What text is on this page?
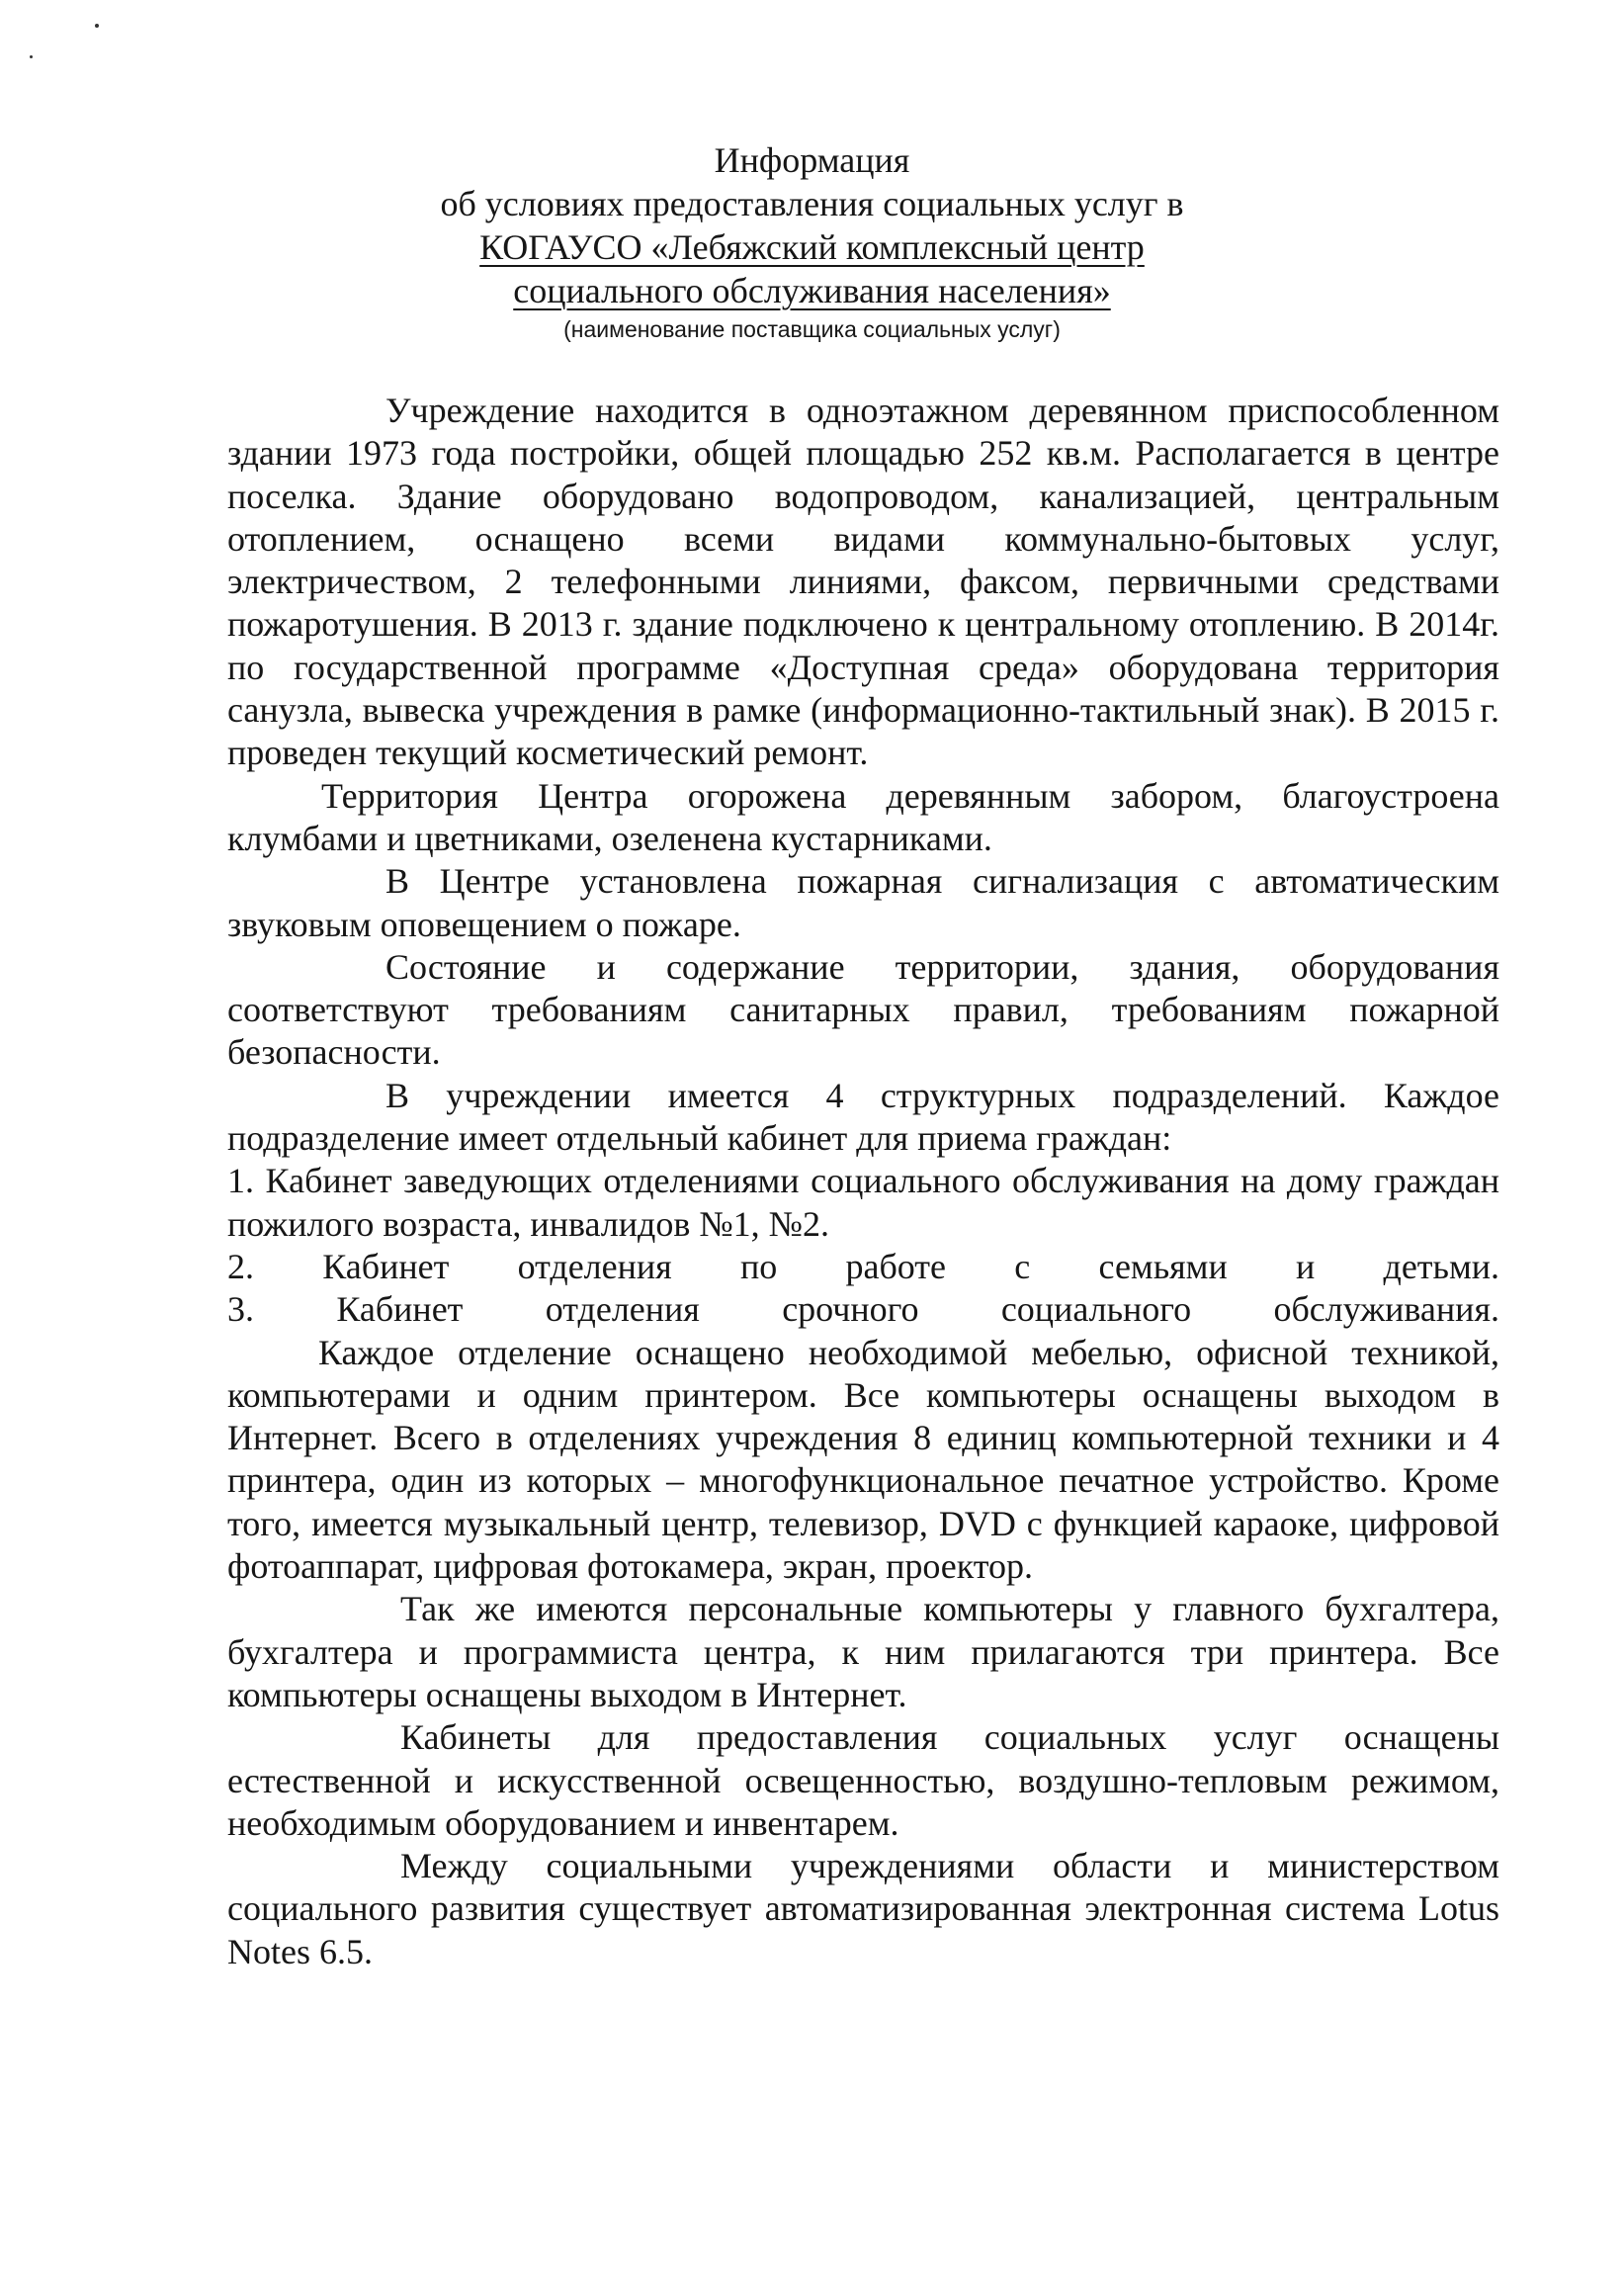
Информация
об условиях предоставления социальных услуг в
КОГАУСО «Лебяжский комплексный центр
социального обслуживания населения»
(наименование поставщика социальных услуг)

Учреждение находится в одноэтажном деревянном приспособленном здании 1973 года постройки, общей площадью 252 кв.м. Располагается в центре поселка. Здание оборудовано водопроводом, канализацией, центральным отоплением, оснащено всеми видами коммунально-бытовых услуг, электричеством, 2 телефонными линиями, факсом, первичными средствами пожаротушения. В 2013 г. здание подключено к центральному отоплению. В 2014г. по государственной программе «Доступная среда» оборудована территория санузла, вывеска учреждения в рамке (информационно-тактильный знак). В 2015 г. проведен текущий косметический ремонт.

Территория Центра огорожена деревянным забором, благоустроена клумбами и цветниками, озеленена кустарниками.

В Центре установлена пожарная сигнализация с автоматическим звуковым оповещением о пожаре.

Состояние и содержание территории, здания, оборудования соответствуют требованиям санитарных правил, требованиям пожарной безопасности.

В учреждении имеется 4 структурных подразделений. Каждое подразделение имеет отдельный кабинет для приема граждан:

1. Кабинет заведующих отделениями социального обслуживания на дому граждан пожилого возраста, инвалидов №1, №2.

2. Кабинет отделения по работе с семьями и детьми.

3. Кабинет отделения срочного социального обслуживания.

Каждое отделение оснащено необходимой мебелью, офисной техникой, компьютерами и одним принтером. Все компьютеры оснащены выходом в Интернет. Всего в отделениях учреждения 8 единиц компьютерной техники и 4 принтера, один из которых – многофункциональное печатное устройство. Кроме того, имеется музыкальный центр, телевизор, DVD с функцией караоке, цифровой фотоаппарат, цифровая фотокамера, экран, проектор.

Так же имеются персональные компьютеры у главного бухгалтера, бухгалтера и программиста центра, к ним прилагаются три принтера. Все компьютеры оснащены выходом в Интернет.

Кабинеты для предоставления социальных услуг оснащены естественной и искусственной освещенностью, воздушно-тепловым режимом, необходимым оборудованием и инвентарем.

Между социальными учреждениями области и министерством социального развития существует автоматизированная электронная система Lotus Notes 6.5.
